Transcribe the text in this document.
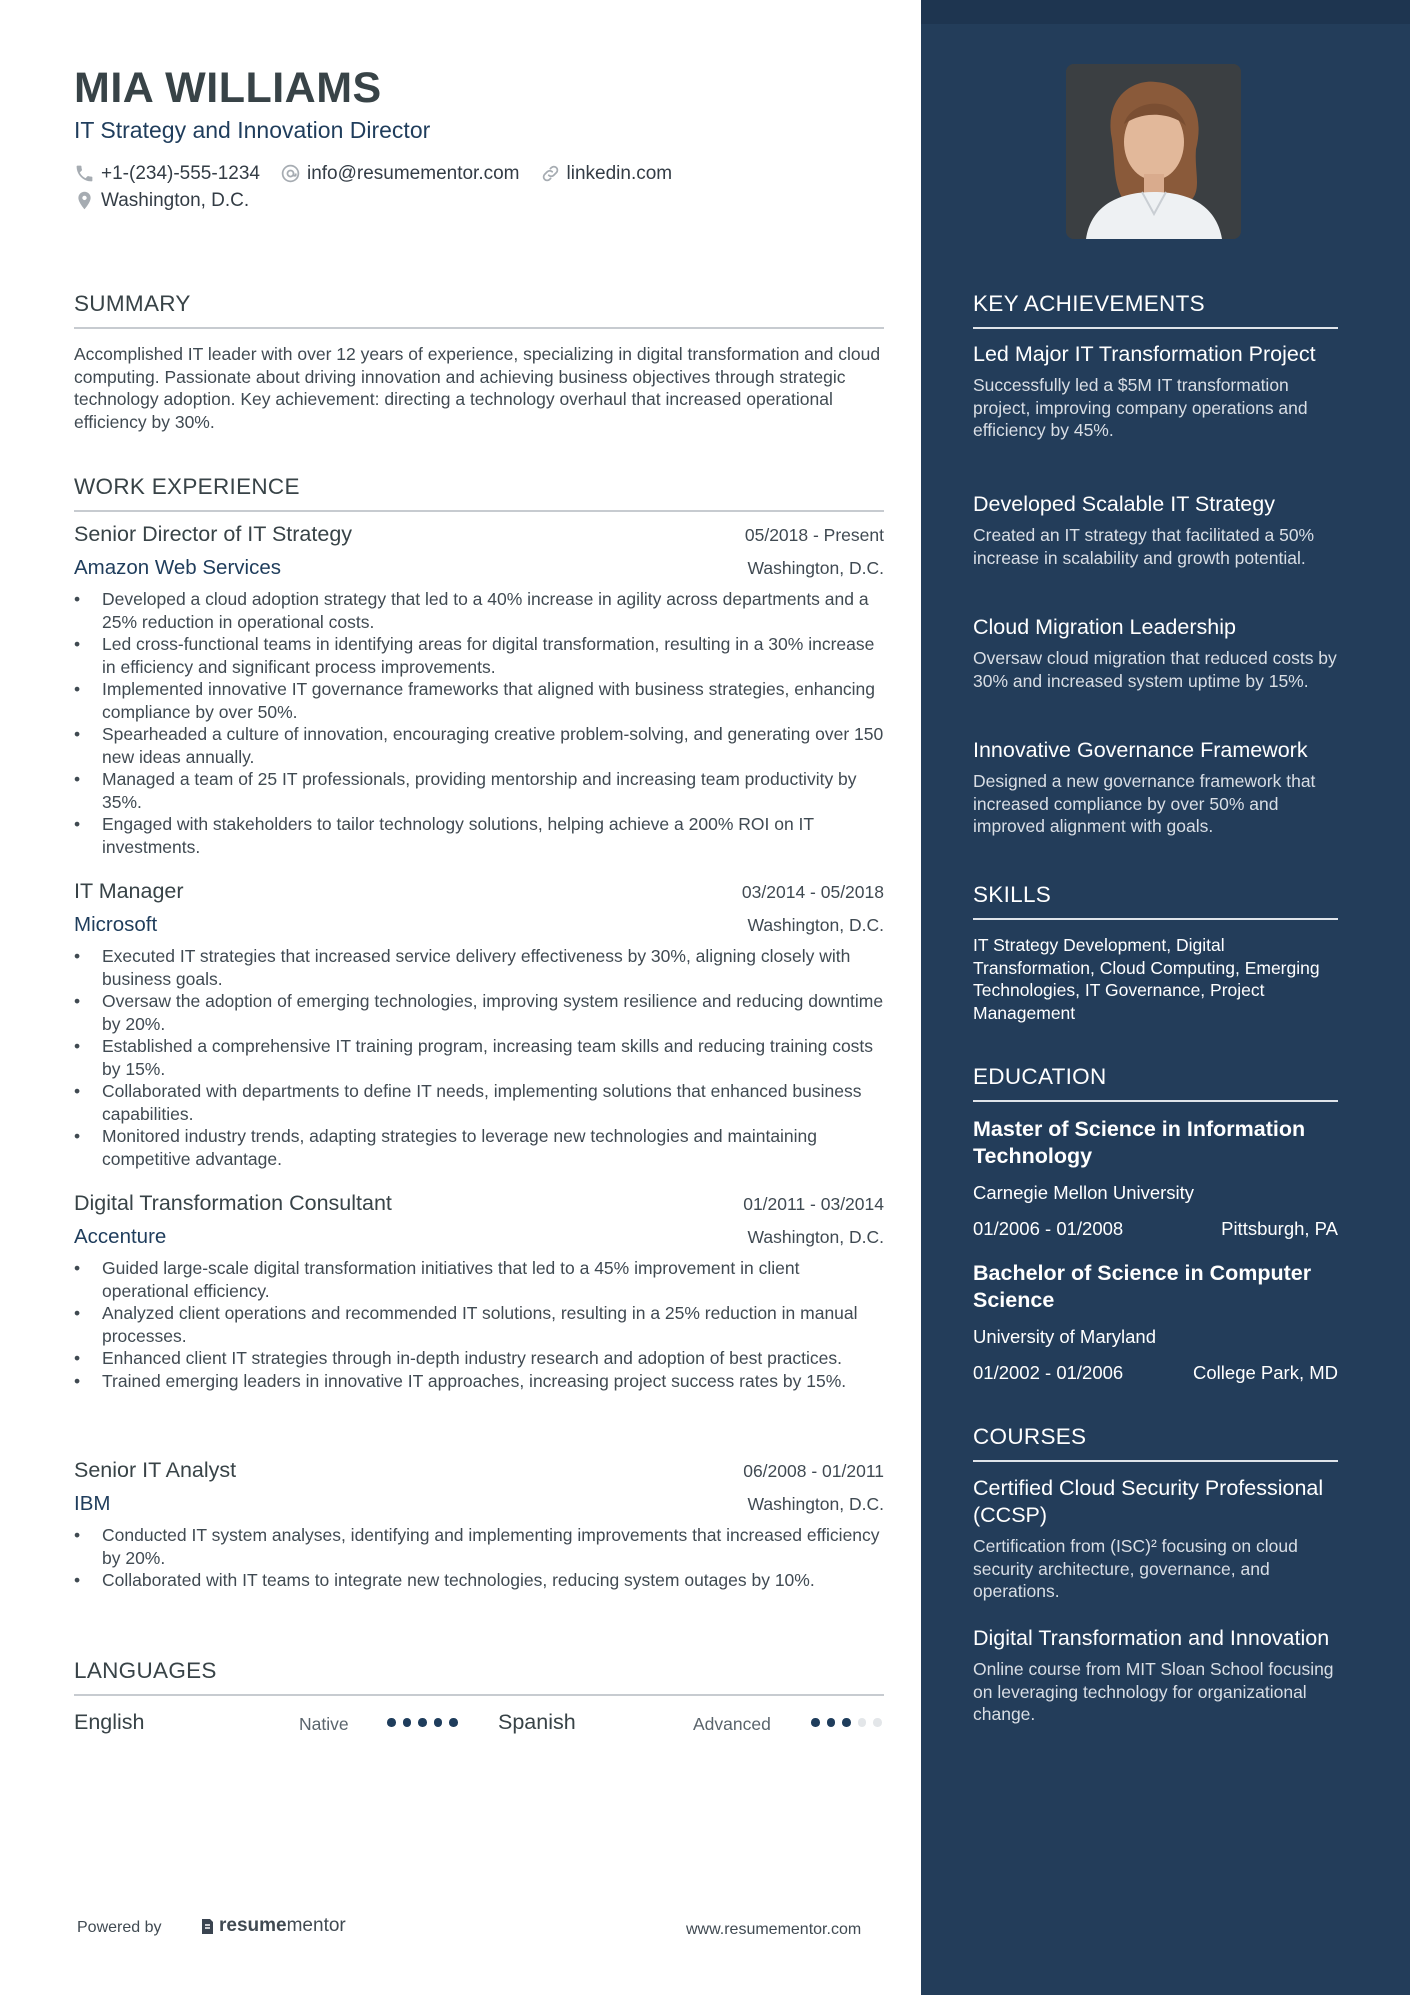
MIA WILLIAMS
IT Strategy and Innovation Director
+1-(234)-555-1234 info@resumementor.com linkedin.com
Washington, D.C.
SUMMARY
Accomplished IT leader with over 12 years of experience, specializing in digital transformation and cloud computing. Passionate about driving innovation and achieving business objectives through strategic technology adoption. Key achievement: directing a technology overhaul that increased operational efficiency by 30%.
WORK EXPERIENCE
Senior Director of IT Strategy	05/2018 - Present
Amazon Web Services	Washington, D.C.
• Developed a cloud adoption strategy that led to a 40% increase in agility across departments and a 25% reduction in operational costs.
• Led cross-functional teams in identifying areas for digital transformation, resulting in a 30% increase in efficiency and significant process improvements.
• Implemented innovative IT governance frameworks that aligned with business strategies, enhancing compliance by over 50%.
• Spearheaded a culture of innovation, encouraging creative problem-solving, and generating over 150 new ideas annually.
• Managed a team of 25 IT professionals, providing mentorship and increasing team productivity by 35%.
• Engaged with stakeholders to tailor technology solutions, helping achieve a 200% ROI on IT investments.
IT Manager	03/2014 - 05/2018
Microsoft	Washington, D.C.
• Executed IT strategies that increased service delivery effectiveness by 30%, aligning closely with business goals.
• Oversaw the adoption of emerging technologies, improving system resilience and reducing downtime by 20%.
• Established a comprehensive IT training program, increasing team skills and reducing training costs by 15%.
• Collaborated with departments to define IT needs, implementing solutions that enhanced business capabilities.
• Monitored industry trends, adapting strategies to leverage new technologies and maintaining competitive advantage.
Digital Transformation Consultant	01/2011 - 03/2014
Accenture	Washington, D.C.
• Guided large-scale digital transformation initiatives that led to a 45% improvement in client operational efficiency.
• Analyzed client operations and recommended IT solutions, resulting in a 25% reduction in manual processes.
• Enhanced client IT strategies through in-depth industry research and adoption of best practices.
• Trained emerging leaders in innovative IT approaches, increasing project success rates by 15%.
Senior IT Analyst	06/2008 - 01/2011
IBM	Washington, D.C.
• Conducted IT system analyses, identifying and implementing improvements that increased efficiency by 20%.
• Collaborated with IT teams to integrate new technologies, reducing system outages by 10%.
LANGUAGES
English	Native	Spanish	Advanced
Powered by	resume mentor	www.resumementor.com
KEY ACHIEVEMENTS
Led Major IT Transformation Project
Successfully led a $5M IT transformation project, improving company operations and efficiency by 45%.
Developed Scalable IT Strategy
Created an IT strategy that facilitated a 50% increase in scalability and growth potential.
Cloud Migration Leadership
Oversaw cloud migration that reduced costs by 30% and increased system uptime by 15%.
Innovative Governance Framework
Designed a new governance framework that increased compliance by over 50% and improved alignment with goals.
SKILLS
IT Strategy Development, Digital Transformation, Cloud Computing, Emerging Technologies, IT Governance, Project Management
EDUCATION
Master of Science in Information Technology
Carnegie Mellon University
01/2006 - 01/2008	Pittsburgh, PA
Bachelor of Science in Computer Science
University of Maryland
01/2002 - 01/2006	College Park, MD
COURSES
Certified Cloud Security Professional (CCSP)
Certification from (ISC)² focusing on cloud security architecture, governance, and operations.
Digital Transformation and Innovation
Online course from MIT Sloan School focusing on leveraging technology for organizational change.
